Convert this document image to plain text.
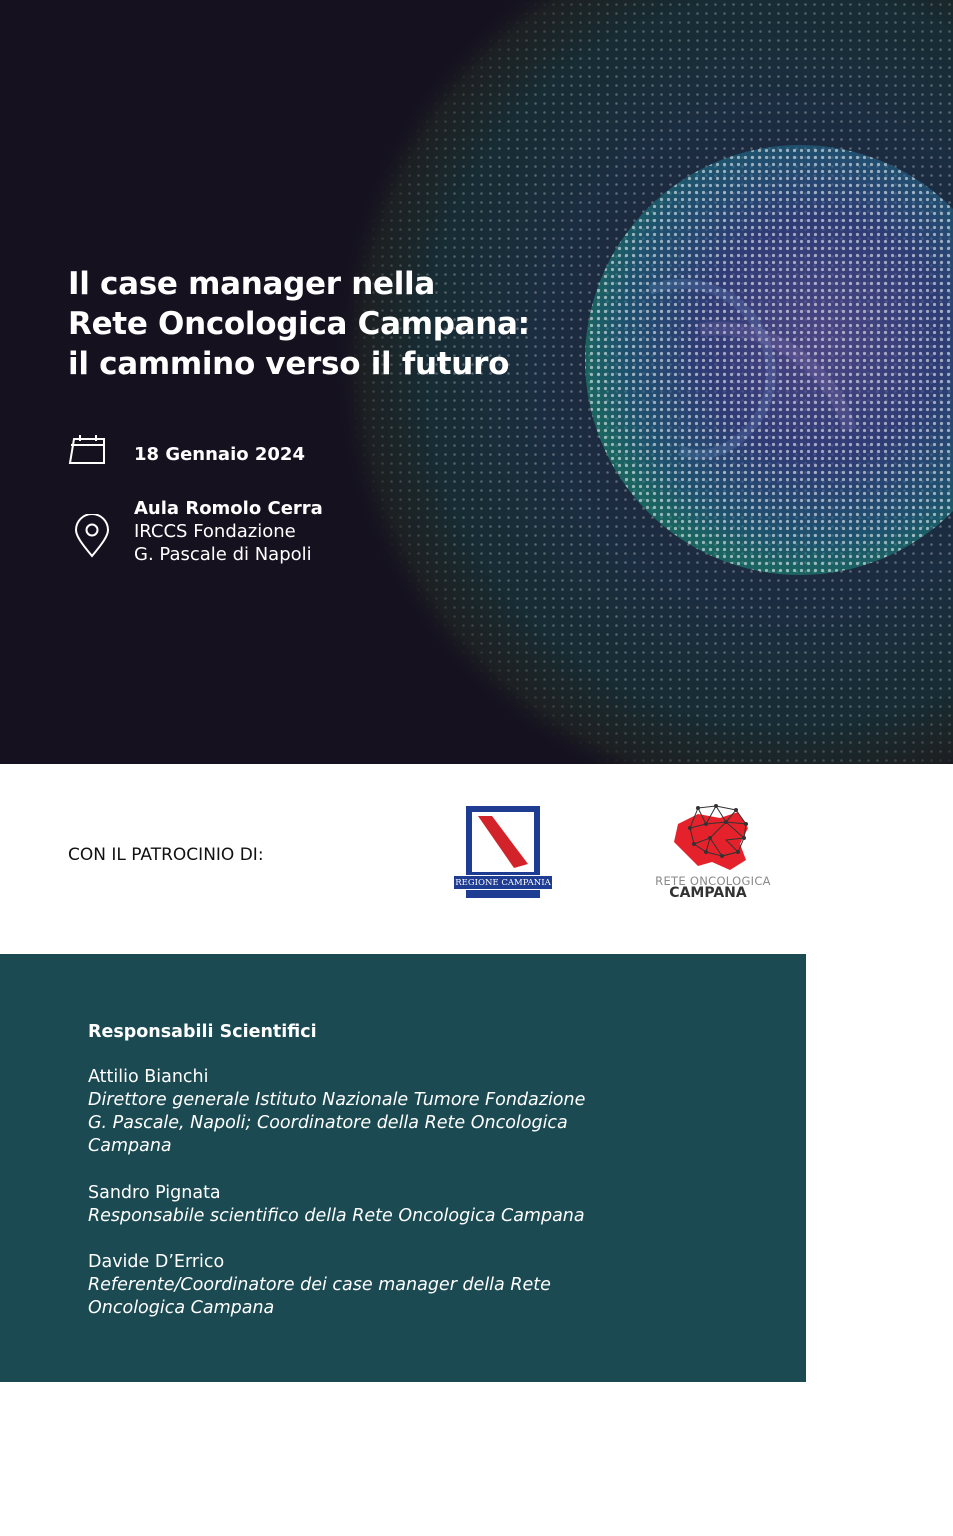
Il case manager nella
Rete Oncologica Campana:
il cammino verso il futuro
18 Gennaio 2024
Aula Romolo Cerra
IRCCS Fondazione
G. Pascale di Napoli
CON IL PATROCINIO DI:
REGIONE CAMPANIA	RETE ONCOLOGICA
CAMPANA
Responsabili Scientifici
Attilio Bianchi
Direttore generale Istituto Nazionale Tumore Fondazione
G. Pascale, Napoli; Coordinatore della Rete Oncologica
Campana
Sandro Pignata
Responsabile scientifico della Rete Oncologica Campana
Davide D’Errico
Referente/Coordinatore dei case manager della Rete
Oncologica Campana
